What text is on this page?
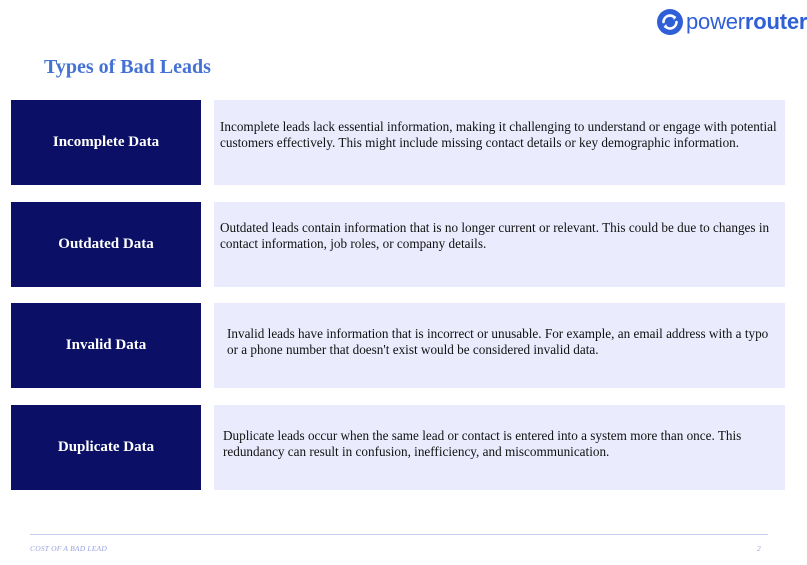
powerrouter
Types of Bad Leads
Incomplete Data
Incomplete leads lack essential information, making it challenging to understand or engage with potential customers effectively. This might include missing contact details or key demographic information.
Outdated Data
Outdated leads contain information that is no longer current or relevant. This could be due to changes in contact information, job roles, or company details.
Invalid Data
Invalid leads have information that is incorrect or unusable. For example, an email address with a typo or a phone number that doesn't exist would be considered invalid data.
Duplicate Data
Duplicate leads occur when the same lead or contact is entered into a system more than once. This redundancy can result in confusion, inefficiency, and miscommunication.
COST OF A BAD LEAD	2
